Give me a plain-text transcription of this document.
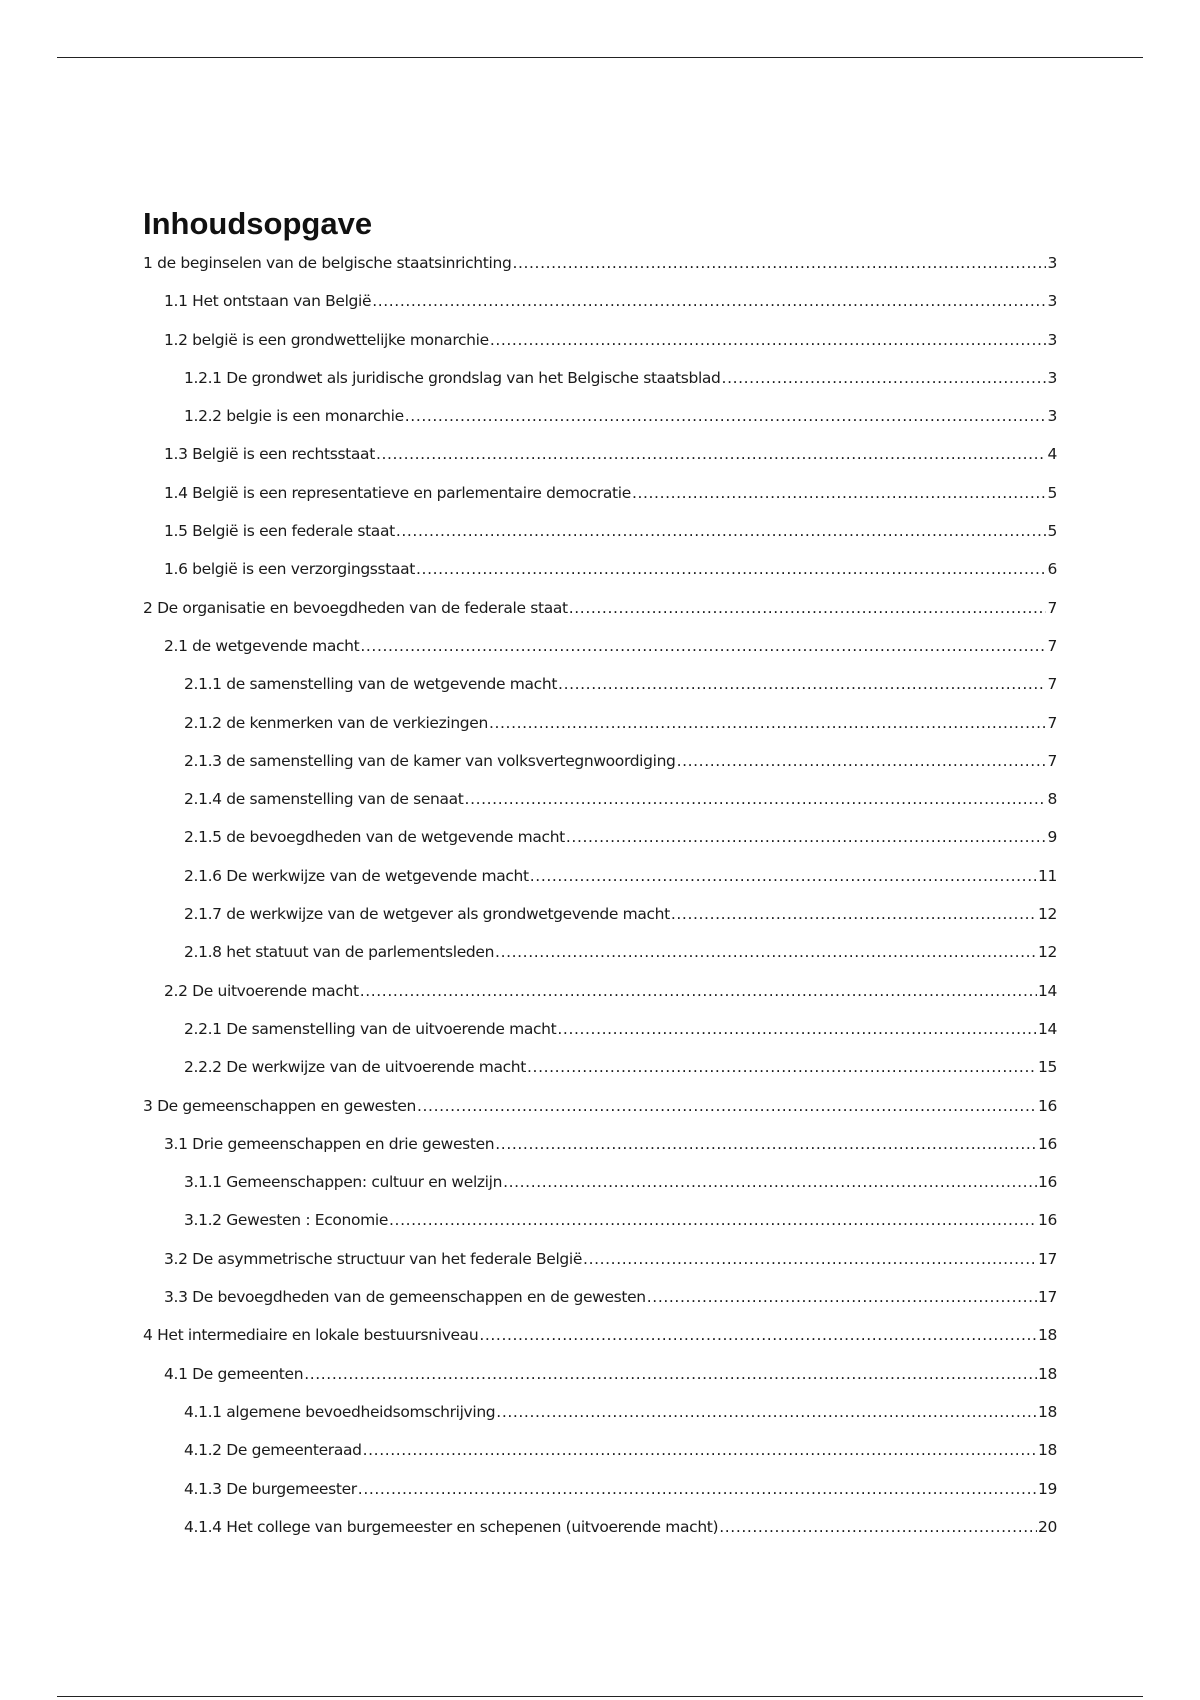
Inhoudsopgave
1 de beginselen van de belgische staatsinrichting .....	3
1.1 Het ontstaan van België .....	3
1.2 belgië is een grondwettelijke monarchie .....	3
1.2.1 De grondwet als juridische grondslag van het Belgische staatsblad .....	3
1.2.2 belgie is een monarchie .....	3
1.3 België is een rechtsstaat .....	4
1.4 België is een representatieve en parlementaire democratie .....	5
1.5 België is een federale staat .....	5
1.6 belgië is een verzorgingsstaat .....	6
2 De organisatie en bevoegdheden van de federale staat .....	7
2.1 de wetgevende macht .....	7
2.1.1 de samenstelling van de wetgevende macht .....	7
2.1.2 de kenmerken van de verkiezingen .....	7
2.1.3 de samenstelling van de kamer van volksvertegnwoordiging .....	7
2.1.4 de samenstelling van de senaat .....	8
2.1.5 de bevoegdheden van de wetgevende macht .....	9
2.1.6 De werkwijze van de wetgevende macht .....	11
2.1.7 de werkwijze van de wetgever als grondwetgevende macht .....	12
2.1.8 het statuut van de parlementsleden .....	12
2.2 De uitvoerende macht .....	14
2.2.1 De samenstelling van de uitvoerende macht .....	14
2.2.2 De werkwijze van de uitvoerende macht .....	15
3 De gemeenschappen en gewesten .....	16
3.1 Drie gemeenschappen en drie gewesten .....	16
3.1.1 Gemeenschappen: cultuur en welzijn .....	16
3.1.2 Gewesten : Economie .....	16
3.2 De asymmetrische structuur van het federale België .....	17
3.3 De bevoegdheden van de gemeenschappen en de gewesten .....	17
4 Het intermediaire en lokale bestuursniveau .....	18
4.1 De gemeenten .....	18
4.1.1 algemene bevoedheidsomschrijving .....	18
4.1.2 De gemeenteraad .....	18
4.1.3 De burgemeester .....	19
4.1.4 Het college van burgemeester en schepenen (uitvoerende macht) .....	20
